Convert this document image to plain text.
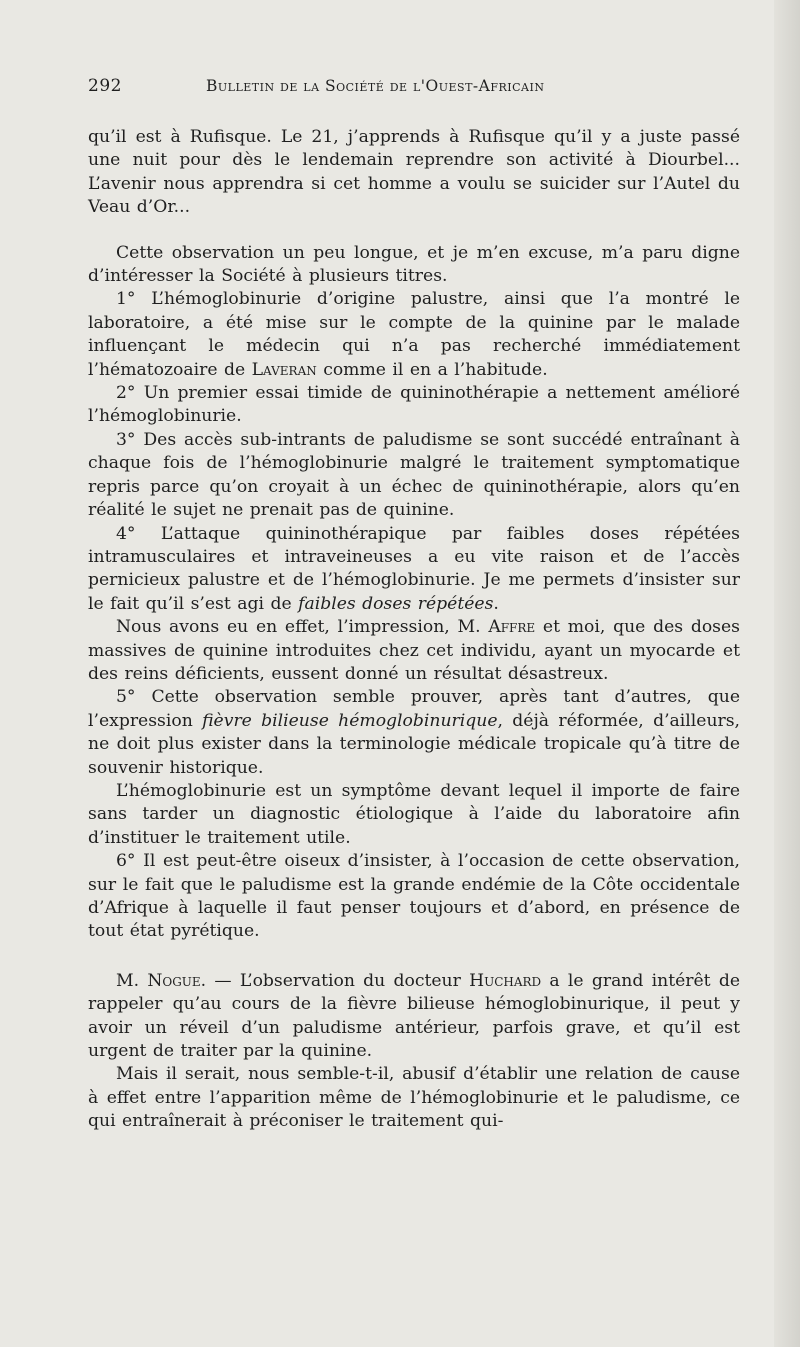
292	Bulletin de la Société de l'Ouest-Africain

qu’il est à Rufisque. Le 21, j’apprends à Rufisque qu’il y a juste passé une nuit pour dès le lendemain reprendre son activité à Diourbel... L’avenir nous apprendra si cet homme a voulu se suicider sur l’Autel du Veau d’Or...

Cette observation un peu longue, et je m’en excuse, m’a paru digne d’intéresser la Société à plusieurs titres.

1° L’hémoglobinurie d’origine palustre, ainsi que l’a montré le laboratoire, a été mise sur le compte de la quinine par le malade influençant le médecin qui n’a pas recherché immédiatement l’hématozoaire de Laveran comme il en a l’habitude.

2° Un premier essai timide de quininothérapie a nettement amélioré l’hémoglobinurie.

3° Des accès sub-intrants de paludisme se sont succédé entraînant à chaque fois de l’hémoglobinurie malgré le traitement symptomatique repris parce qu’on croyait à un échec de quininothérapie, alors qu’en réalité le sujet ne prenait pas de quinine.

4° L’attaque quininothérapique par faibles doses répétées intramusculaires et intraveineuses a eu vite raison et de l’accès pernicieux palustre et de l’hémoglobinurie. Je me permets d’insister sur le fait qu’il s’est agi de faibles doses répétées.

Nous avons eu en effet, l’impression, M. Affre et moi, que des doses massives de quinine introduites chez cet individu, ayant un myocarde et des reins déficients, eussent donné un résultat désastreux.

5° Cette observation semble prouver, après tant d’autres, que l’expression fièvre bilieuse hémoglobinurique, déjà réformée, d’ailleurs, ne doit plus exister dans la terminologie médicale tropicale qu’à titre de souvenir historique.

L’hémoglobinurie est un symptôme devant lequel il importe de faire sans tarder un diagnostic étiologique à l’aide du laboratoire afin d’instituer le traitement utile.

6° Il est peut-être oiseux d’insister, à l’occasion de cette observation, sur le fait que le paludisme est la grande endémie de la Côte occidentale d’Afrique à laquelle il faut penser toujours et d’abord, en présence de tout état pyrétique.

M. Nogue. — L’observation du docteur Huchard a le grand intérêt de rappeler qu’au cours de la fièvre bilieuse hémoglobinurique, il peut y avoir un réveil d’un paludisme antérieur, parfois grave, et qu’il est urgent de traiter par la quinine.

Mais il serait, nous semble-t-il, abusif d’établir une relation de cause à effet entre l’apparition même de l’hémoglobinurie et le paludisme, ce qui entraînerait à préconiser le traitement qui-
